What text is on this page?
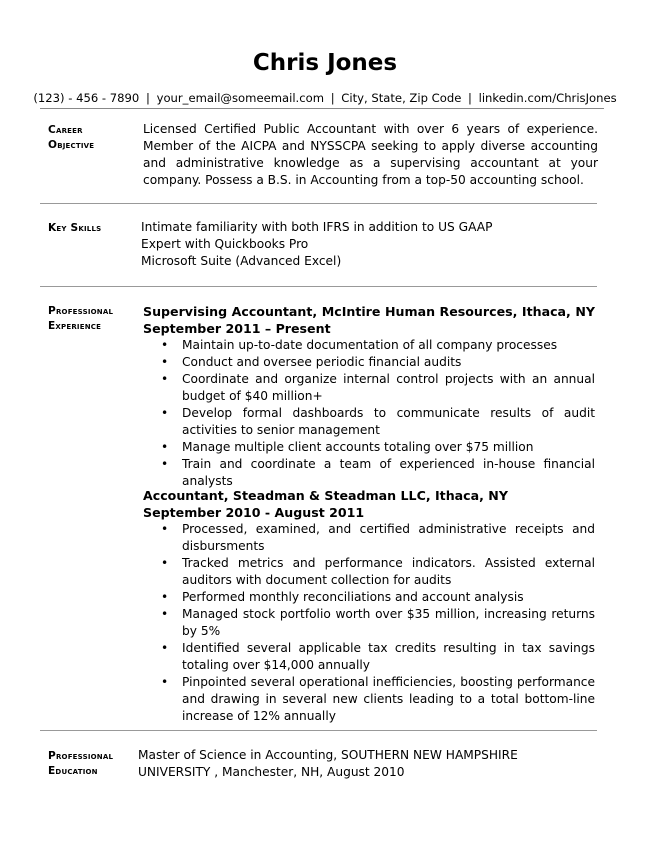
Chris Jones
(123) - 456 - 7890 | your_email@someemail.com | City, State, Zip Code | linkedin.com/ChrisJones
Career
Objective
Licensed Certified Public Accountant with over 6 years of experience. Member of the AICPA and NYSSCPA seeking to apply diverse accounting and administrative knowledge as a supervising accountant at your company. Possess a B.S. in Accounting from a top-50 accounting school.
Key Skills	Intimate familiarity with both IFRS in addition to US GAAP
Expert with Quickbooks Pro
Microsoft Suite (Advanced Excel)
Professional
Experience
Supervising Accountant, McIntire Human Resources, Ithaca, NY
September 2011 – Present
• Maintain up-to-date documentation of all company processes
• Conduct and oversee periodic financial audits
• Coordinate and organize internal control projects with an annual budget of $40 million+
• Develop formal dashboards to communicate results of audit activities to senior management
• Manage multiple client accounts totaling over $75 million
• Train and coordinate a team of experienced in-house financial analysts
Accountant, Steadman & Steadman LLC, Ithaca, NY
September 2010 - August 2011
• Processed, examined, and certified administrative receipts and disbursments
• Tracked metrics and performance indicators. Assisted external auditors with document collection for audits
• Performed monthly reconciliations and account analysis
• Managed stock portfolio worth over $35 million, increasing returns by 5%
• Identified several applicable tax credits resulting in tax savings totaling over $14,000 annually
• Pinpointed several operational inefficiencies, boosting performance and drawing in several new clients leading to a total bottom-line increase of 12% annually
Professional
Education
Master of Science in Accounting, SOUTHERN NEW HAMPSHIRE
UNIVERSITY , Manchester, NH, August 2010
